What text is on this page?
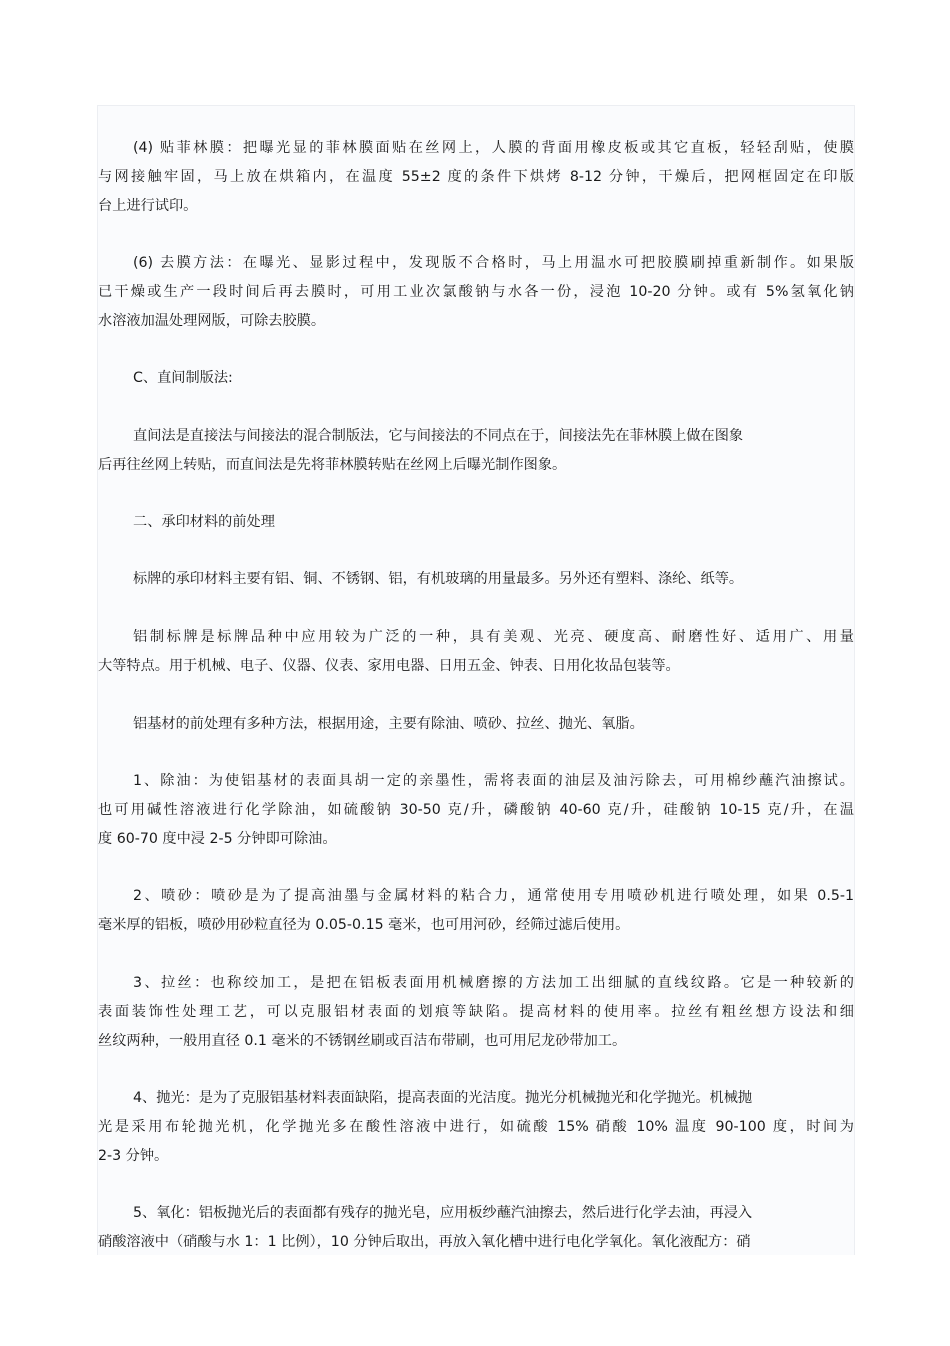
(4) 贴菲林膜：把曝光显的菲林膜面贴在丝网上，人膜的背面用橡皮板或其它直板，轻轻刮贴，使膜

与网接触牢固，马上放在烘箱内，在温度 55±2 度的条件下烘烤 8-12 分钟，干燥后，把网框固定在印版

台上进行试印。

(6) 去膜方法：在曝光、显影过程中，发现版不合格时，马上用温水可把胶膜刷掉重新制作。如果版

已干燥或生产一段时间后再去膜时，可用工业次氯酸钠与水各一份，浸泡 10-20 分钟。或有 5%氢氧化钠

水溶液加温处理网版，可除去胶膜。

C、直间制版法:

直间法是直接法与间接法的混合制版法，它与间接法的不同点在于，间接法先在菲林膜上做在图象

后再往丝网上转贴，而直间法是先将菲林膜转贴在丝网上后曝光制作图象。

二、承印材料的前处理

标牌的承印材料主要有铝、铜、不锈钢、铝，有机玻璃的用量最多。另外还有塑料、涤纶、纸等。

铝制标牌是标牌品种中应用较为广泛的一种，具有美观、光亮、硬度高、耐磨性好、适用广、用量

大等特点。用于机械、电子、仪器、仪表、家用电器、日用五金、钟表、日用化妆品包装等。

铝基材的前处理有多种方法，根据用途，主要有除油、喷砂、拉丝、抛光、氧脂。

1、除油：为使铝基材的表面具胡一定的亲墨性，需将表面的油层及油污除去，可用棉纱蘸汽油擦试。

也可用碱性溶液进行化学除油，如硫酸钠 30-50 克/升，磷酸钠 40-60 克/升，硅酸钠 10-15 克/升，在温

度 60-70 度中浸 2-5 分钟即可除油。

2、喷砂：喷砂是为了提高油墨与金属材料的粘合力，通常使用专用喷砂机进行喷处理，如果 0.5-1

毫米厚的铝板，喷砂用砂粒直径为 0.05-0.15 毫米，也可用河砂，经筛过滤后使用。

3、拉丝：也称绞加工，是把在铝板表面用机械磨擦的方法加工出细腻的直线纹路。它是一种较新的

表面装饰性处理工艺，可以克服铝材表面的划痕等缺陷。提高材料的使用率。拉丝有粗丝想方设法和细

丝纹两种，一般用直径 0.1 毫米的不锈钢丝刷或百洁布带刷，也可用尼龙砂带加工。

4、抛光：是为了克服铝基材料表面缺陷，提高表面的光洁度。抛光分机械抛光和化学抛光。机械抛

光是采用布轮抛光机，化学抛光多在酸性溶液中进行，如硫酸 15% 硝酸 10% 温度 90-100 度，时间为

2-3 分钟。

5、氧化：铝板抛光后的表面都有残存的抛光皂，应用板纱蘸汽油擦去，然后进行化学去油，再浸入

硝酸溶液中（硝酸与水 1：1 比例），10 分钟后取出，再放入氧化槽中进行电化学氧化。氧化液配方：硝
